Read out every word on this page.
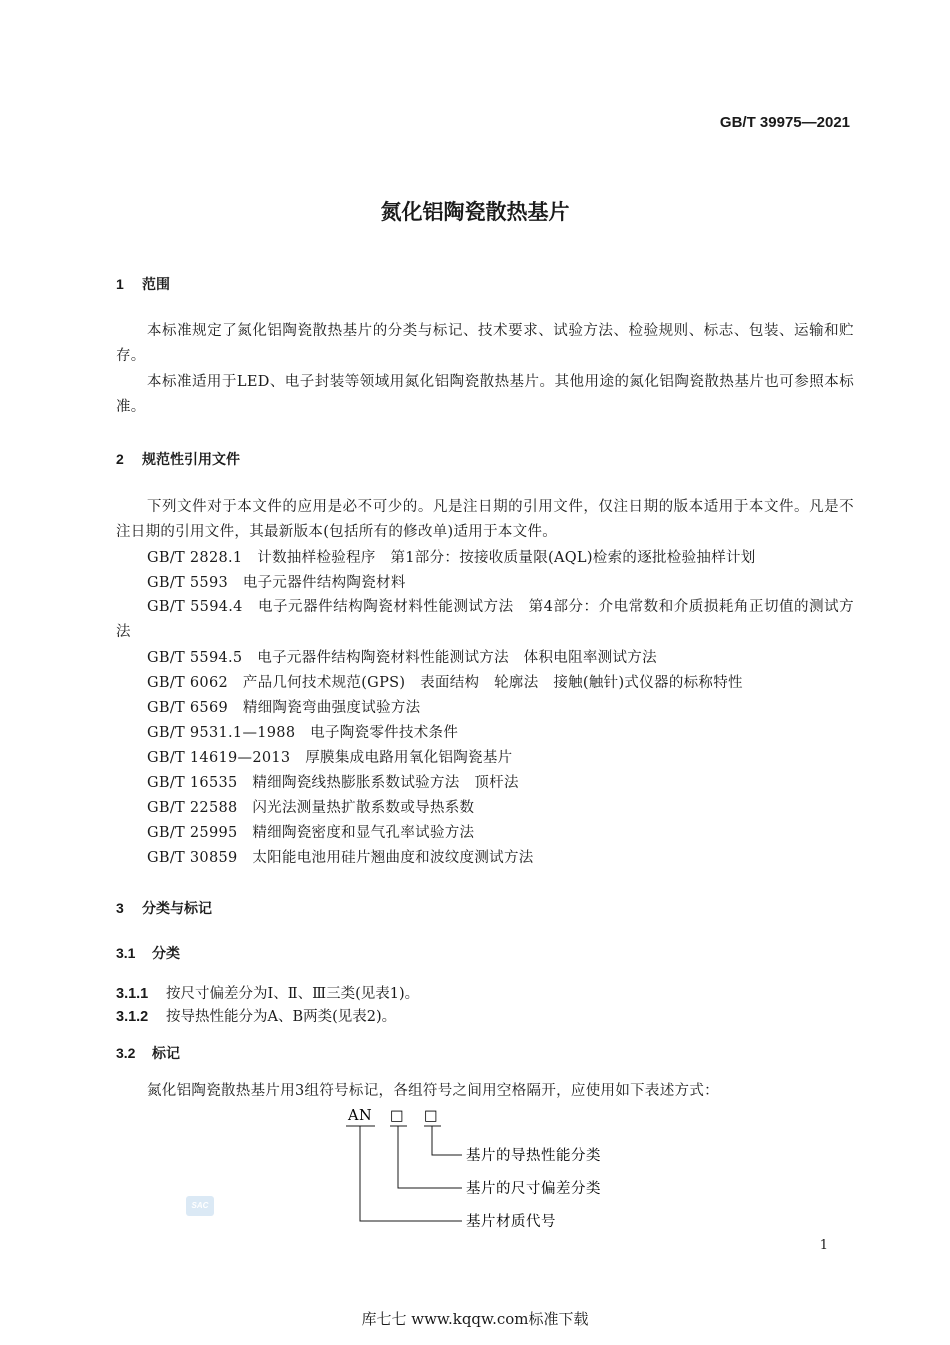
GB/T 39975—2021
氮化铝陶瓷散热基片
1 范围
本标准规定了氮化铝陶瓷散热基片的分类与标记、技术要求、试验方法、检验规则、标志、包装、运输和贮存。
本标准适用于LED、电子封装等领域用氮化铝陶瓷散热基片。其他用途的氮化铝陶瓷散热基片也可参照本标准。
2 规范性引用文件
下列文件对于本文件的应用是必不可少的。凡是注日期的引用文件，仅注日期的版本适用于本文件。凡是不注日期的引用文件，其最新版本(包括所有的修改单)适用于本文件。
GB/T 2828.1　 计数抽样检验程序　第1部分：按接收质量限(AQL)检索的逐批检验抽样计划
GB/T 5593　 电子元器件结构陶瓷材料
GB/T 5594.4　 电子元器件结构陶瓷材料性能测试方法　第4部分：介电常数和介质损耗角正切值的测试方法
GB/T 5594.5　 电子元器件结构陶瓷材料性能测试方法　体积电阻率测试方法
GB/T 6062　 产品几何技术规范(GPS)　表面结构　轮廓法　接触(触针)式仪器的标称特性
GB/T 6569　 精细陶瓷弯曲强度试验方法
GB/T 9531.1—1988　 电子陶瓷零件技术条件
GB/T 14619—2013　 厚膜集成电路用氧化铝陶瓷基片
GB/T 16535　 精细陶瓷线热膨胀系数试验方法　顶杆法
GB/T 22588　 闪光法测量热扩散系数或导热系数
GB/T 25995　 精细陶瓷密度和显气孔率试验方法
GB/T 30859　 太阳能电池用硅片翘曲度和波纹度测试方法
3 分类与标记
3.1 分类
3.1.1 按尺寸偏差分为Ⅰ、Ⅱ、Ⅲ三类(见表1)。
3.1.2 按导热性能分为A、B两类(见表2)。
3.2 标记
氮化铝陶瓷散热基片用3组符号标记，各组符号之间用空格隔开，应使用如下表述方式：
AN □ □
基片的导热性能分类
基片的尺寸偏差分类
基片材质代号
SAC
1
库七七 www.kqqw.com标准下载
